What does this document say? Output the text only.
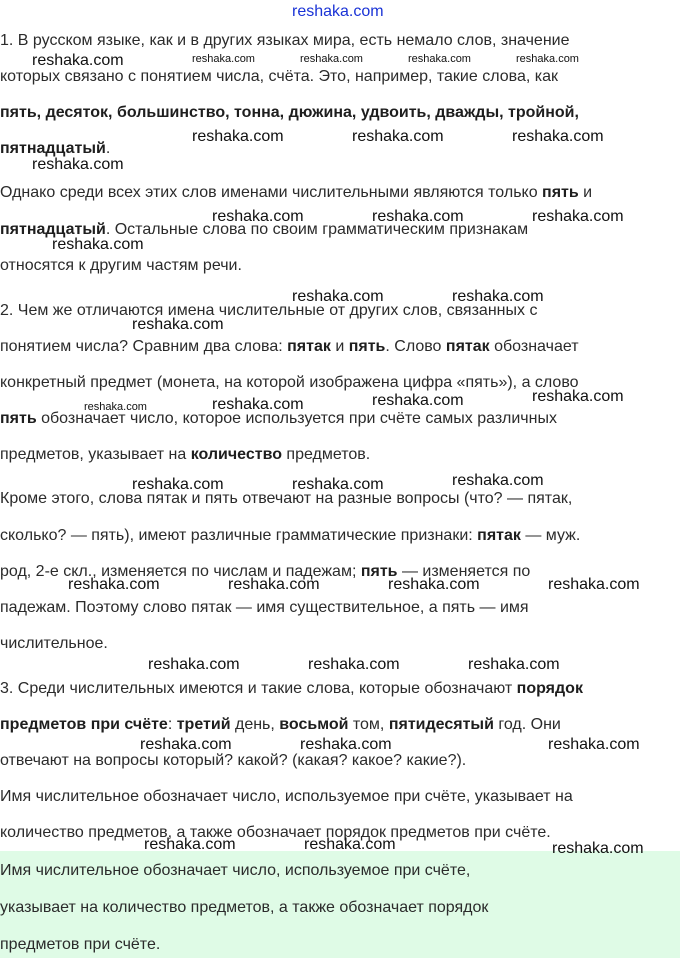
1. В русском языке, как и в других языках мира, есть немало слов, значение
которых связано с понятием числа, счёта. Это, например, такие слова, как
пять, десяток, большинство, тонна, дюжина, удвоить, дважды, тройной,
пятнадцатый.
Однако среди всех этих слов именами числительными являются только пять и
пятнадцатый. Остальные слова по своим грамматическим признакам
относятся к другим частям речи.
2. Чем же отличаются имена числительные от других слов, связанных с
понятием числа? Сравним два слова: пятак и пять. Слово пятак обозначает
конкретный предмет (монета, на которой изображена цифра «пять»), а слово
пять обозначает число, которое используется при счёте самых различных
предметов, указывает на количество предметов.
Кроме этого, слова пятак и пять отвечают на разные вопросы (что? — пятак,
сколько? — пять), имеют различные грамматические признаки: пятак — муж.
род, 2-е скл., изменяется по числам и падежам; пять — изменяется по
падежам. Поэтому слово пятак — имя существительное, а пять — имя
числительное.
3. Среди числительных имеются и такие слова, которые обозначают порядок
предметов при счёте: третий день, восьмой том, пятидесятый год. Они
отвечают на вопросы который? какой? (какая? какое? какие?).
Имя числительное обозначает число, используемое при счёте, указывает на
количество предметов, а также обозначает порядок предметов при счёте.
Имя числительное обозначает число, используемое при счёте,
указывает на количество предметов, а также обозначает порядок
предметов при счёте.
reshaka.com
reshaka.com	reshaka.com	reshaka.com	reshaka.com	reshaka.com
reshaka.com	reshaka.com	reshaka.com
reshaka.com
reshaka.com	reshaka.com	reshaka.com
reshaka.com
reshaka.com	reshaka.com
reshaka.com
reshaka.com
reshaka.com
reshaka.com	reshaka.com
reshaka.com
reshaka.com	reshaka.com
reshaka.com	reshaka.com	reshaka.com	reshaka.com
reshaka.com	reshaka.com	reshaka.com
reshaka.com	reshaka.com	reshaka.com
reshaka.com	reshaka.com	reshaka.com
